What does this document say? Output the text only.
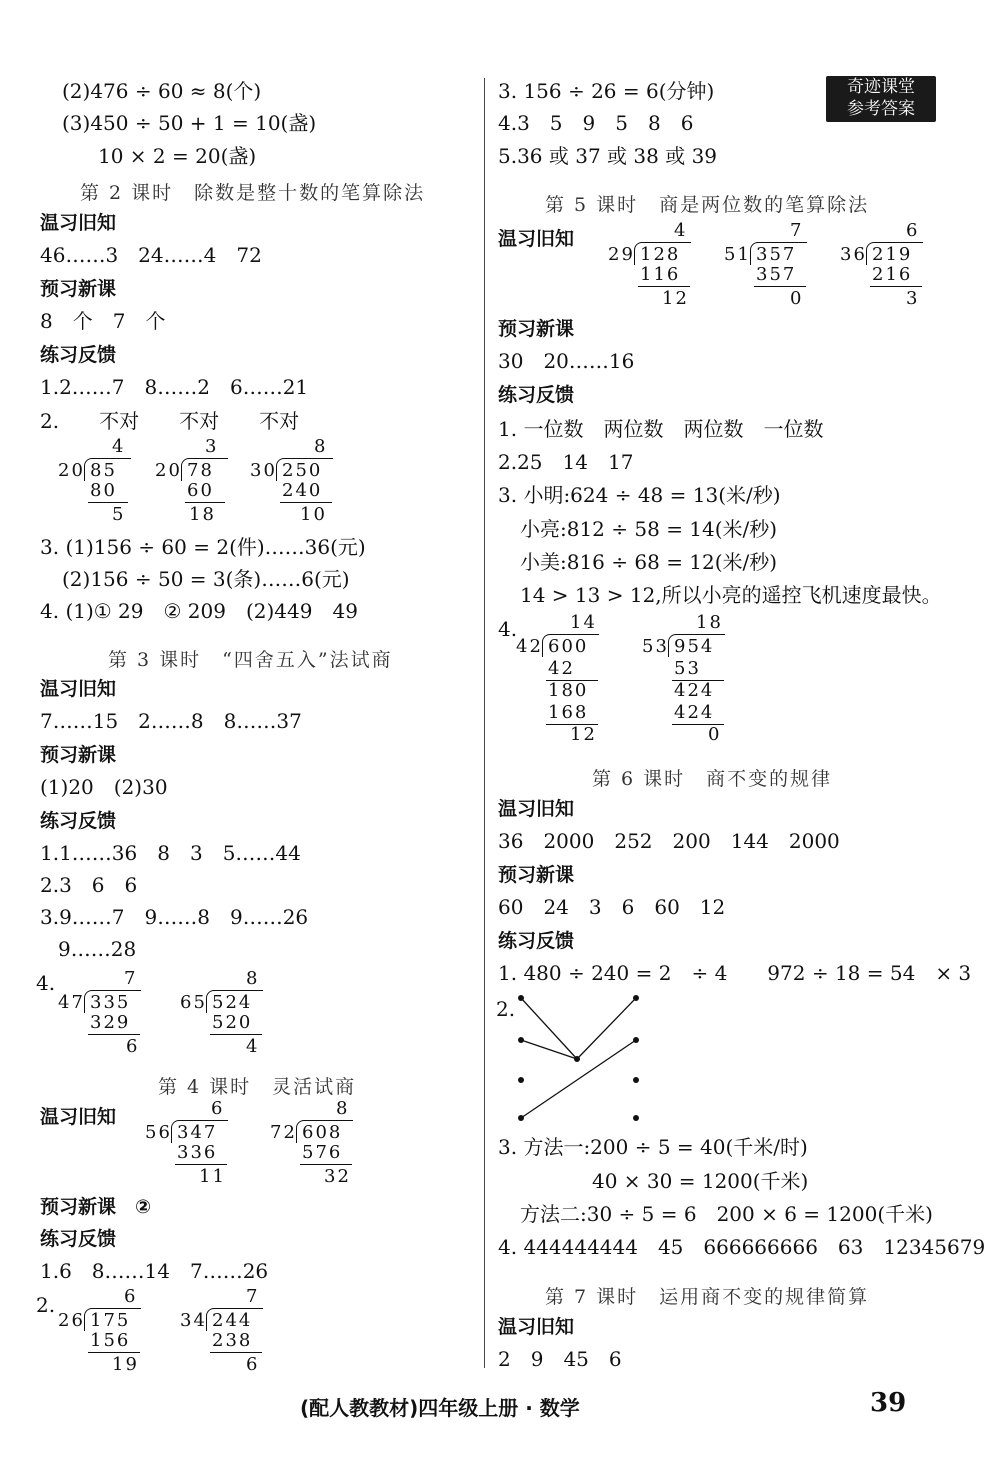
(2)476 ÷ 60 ≈ 8(个)
(3)450 ÷ 50 + 1 = 10(盏)
10 × 2 = 20(盏)
第 2 课时　除数是整十数的笔算除法
温习旧知
46……3　24……4　72
预习新课
8　个　7　个
练习反馈
1.2……7　8……2　6……21
2.　　不对　　不对　　不对
4
20 85
80
5
3
20 78
60
18
8
30 250
240
10
3. (1)156 ÷ 60 = 2(件)……36(元)
(2)156 ÷ 50 = 3(条)……6(元)
4. (1)① 29　② 209　(2)449　49
第 3 课时　“四舍五入”法试商
温习旧知
7……15　2……8　8……37
预习新课
(1)20　(2)30
练习反馈
1.1……36　8　3　5……44
2.3　6　6
3.9……7　9……8　9……26
9……28
4.	7
47 335
329
6
8
65 524
520
4
第 4 课时　灵活试商
温习旧知	6
56 347
336
11
8
72 608
576
32
预习新课　②
练习反馈
1.6　8……14　7……26
2.	6
26 175
156
19
7
34 244
238
6
3. 156 ÷ 26 = 6(分钟)
4.3　5　9　5　8　6
5.36 或 37 或 38 或 39
奇迹课堂
参考答案
第 5 课时　商是两位数的笔算除法
温习旧知	4
29 128
116
12
7
51 357
357
0
6
36 219
216
3
预习新课
30　20……16
练习反馈
1. 一位数　两位数　两位数　一位数
2.25　14　17
3. 小明:624 ÷ 48 = 13(米/秒)
小亮:812 ÷ 58 = 14(米/秒)
小美:816 ÷ 68 = 12(米/秒)
14 > 13 > 12,所以小亮的遥控飞机速度最快。
4.	14
42 600
42
180
168
12
18
53 954
53
424
424
0
第 6 课时　商不变的规律
温习旧知
36　2000　252　200　144　2000
预习新课
60　24　3　6　60　12
练习反馈
1. 480 ÷ 240 = 2　÷ 4　　972 ÷ 18 = 54　× 3
2.
3. 方法一:200 ÷ 5 = 40(千米/时)
40 × 30 = 1200(千米)
方法二:30 ÷ 5 = 6　200 × 6 = 1200(千米)
4. 444444444　45　666666666　63　12345679
第 7 课时　运用商不变的规律简算
温习旧知
2　9　45　6
(配人教教材)四年级上册 · 数学	39
